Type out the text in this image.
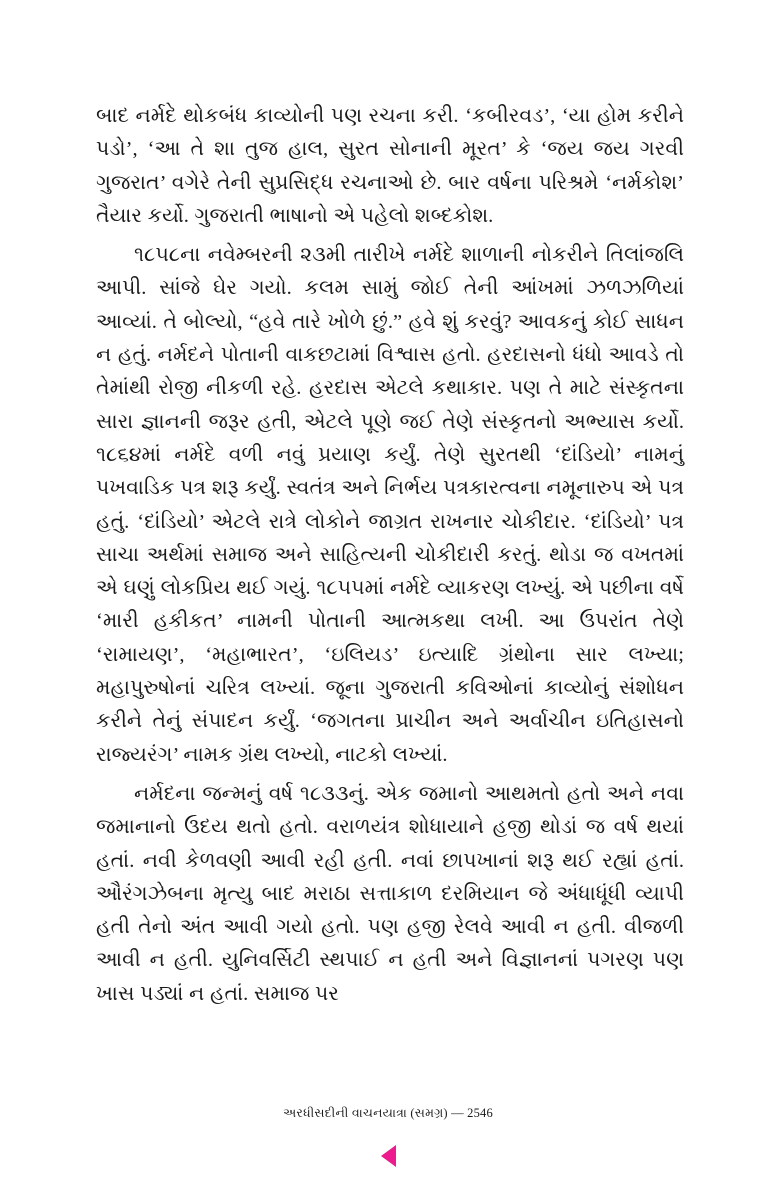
બાદ નર્મદે થોકબંધ કાવ્યોની પણ રચના કરી. ‘કબીરવડ’, ‘યા હોમ કરીને પડો’, ‘આ તે શા તુજ હાલ, સુરત સોનાની મૂરત’ કે ‘જય જય ગરવી ગુજરાત’ વગેરે તેની સુપ્રસિદ્ધ રચનાઓ છે. બાર વર્ષના પરિશ્રમે ‘નર્મકોશ’ તૈયાર કર્યો. ગુજરાતી ભાષાનો એ પહેલો શબ્દકોશ.

૧૮૫૮ના નવેમ્બરની ૨૩મી તારીખે નર્મદે શાળાની નોકરીને તિલાંજલિ આપી. સાંજે ઘેર ગયો. કલમ સામું જોઈ તેની આંખમાં ઝળઝળિયાં આવ્યાં. તે બોલ્યો, “હવે તારે ખોળે છું.” હવે શું કરવું? આવકનું કોઈ સાધન ન હતું. નર્મદને પોતાની વાકછટામાં વિશ્વાસ હતો. હરદાસનો ધંધો આવડે તો તેમાંથી રોજી નીકળી રહે. હરદાસ એટલે કથાકાર. પણ તે માટે સંસ્કૃતના સારા જ્ઞાનની જરૂર હતી, એટલે પૂણે જઈ તેણે સંસ્કૃતનો અભ્યાસ કર્યો. ૧૮૬૪માં નર્મદે વળી નવું પ્રયાણ કર્યું. તેણે સુરતથી ‘દાંડિયો’ નામનું પખવાડિક પત્ર શરૂ કર્યું. સ્વતંત્ર અને નિર્ભય પત્રકારત્વના નમૂનારુપ એ પત્ર હતું. ‘દાંડિયો’ એટલે રાત્રે લોકોને જાગ્રત રાખનાર ચોકીદાર. ‘દાંડિયો’ પત્ર સાચા અર્થમાં સમાજ અને સાહિત્યની ચોકીદારી કરતું. થોડા જ વખતમાં એ ઘણું લોકપ્રિય થઈ ગયું. ૧૮૫૫માં નર્મદે વ્યાકરણ લખ્યું. એ પછીના વર્ષે ‘મારી હકીકત’ નામની પોતાની આત્મકથા લખી. આ ઉપરાંત તેણે ‘રામાયણ’, ‘મહાભારત’, ‘ઇલિયડ’ ઇત્યાદિ ગ્રંથોના સાર લખ્યા; મહાપુરુષોનાં ચરિત્ર લખ્યાં. જૂના ગુજરાતી કવિઓનાં કાવ્યોનું સંશોધન કરીને તેનું સંપાદન કર્યું. ‘જગતના પ્રાચીન અને અર્વાચીન ઇતિહાસનો રાજ્યરંગ’ નામક ગ્રંથ લખ્યો, નાટકો લખ્યાં.

નર્મદના જન્મનું વર્ષ ૧૮૩૩નું. એક જમાનો આથમતો હતો અને નવા જમાનાનો ઉદય થતો હતો. વરાળયંત્ર શોધાયાને હજી થોડાં જ વર્ષ થયાં હતાં. નવી કેળવણી આવી રહી હતી. નવાં છાપખાનાં શરૂ થઈ રહ્યાં હતાં. ઔરંગઝેબના મૃત્યુ બાદ મરાઠા સત્તાકાળ દરમિયાન જે અંધાધૂંધી વ્યાપી હતી તેનો અંત આવી ગયો હતો. પણ હજી રેલવે આવી ન હતી. વીજળી આવી ન હતી. યુનિવર્સિટી સ્થપાઈ ન હતી અને વિજ્ઞાનનાં પગરણ પણ ખાસ પડ્યાં ન હતાં. સમાજ પર

અરધીસદીની વાચનયાત્રા (સમગ્ર) — 2546
